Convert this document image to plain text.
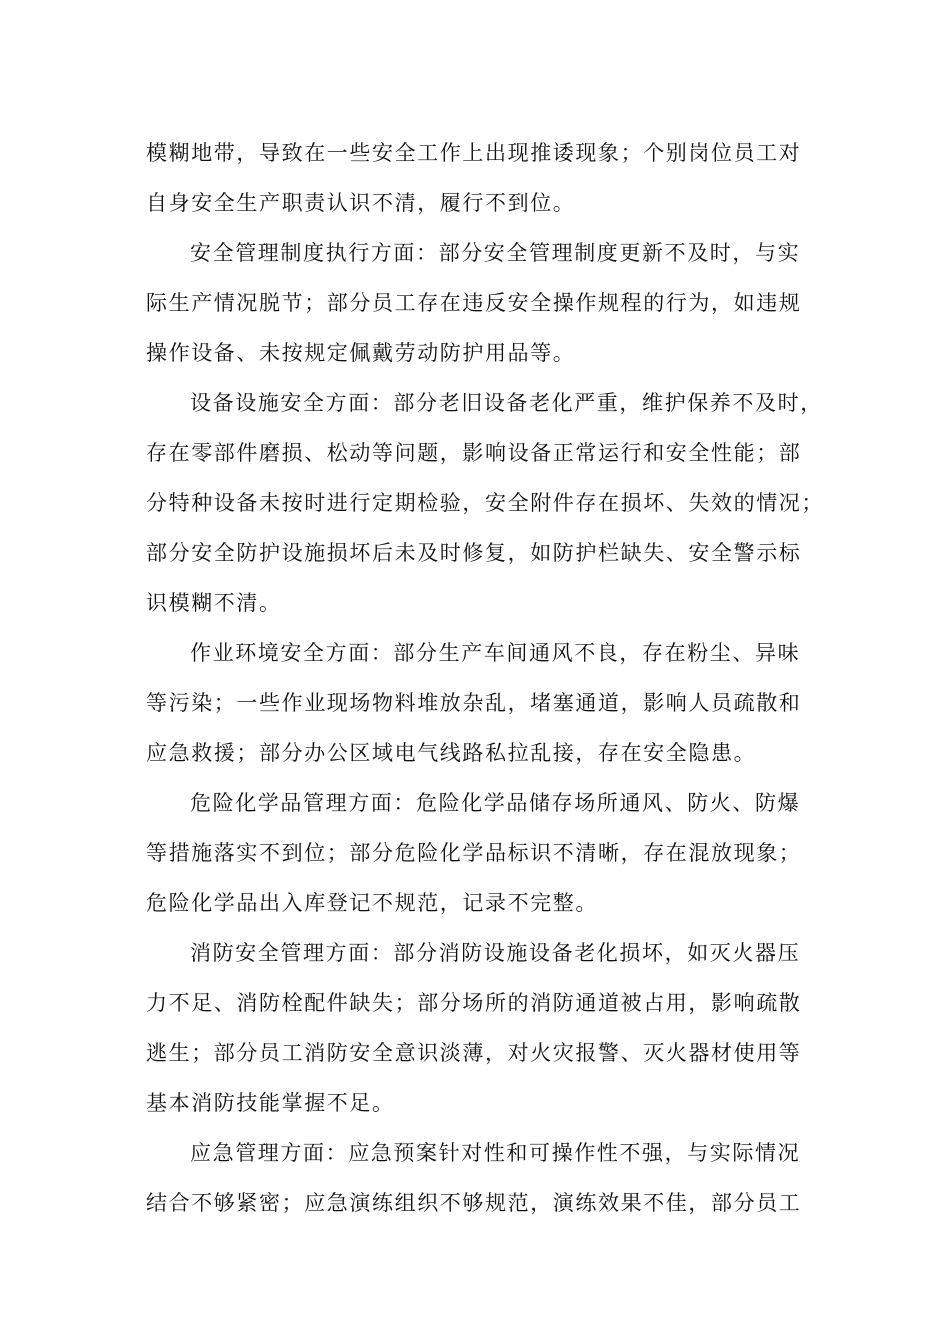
模糊地带，导致在一些安全工作上出现推诿现象；个别岗位员工对
自身安全生产职责认识不清，履行不到位。
安全管理制度执行方面：部分安全管理制度更新不及时，与实
际生产情况脱节；部分员工存在违反安全操作规程的行为，如违规
操作设备、未按规定佩戴劳动防护用品等。
设备设施安全方面：部分老旧设备老化严重，维护保养不及时，
存在零部件磨损、松动等问题，影响设备正常运行和安全性能；部
分特种设备未按时进行定期检验，安全附件存在损坏、失效的情况；
部分安全防护设施损坏后未及时修复，如防护栏缺失、安全警示标
识模糊不清。
作业环境安全方面：部分生产车间通风不良，存在粉尘、异味
等污染；一些作业现场物料堆放杂乱，堵塞通道，影响人员疏散和
应急救援；部分办公区域电气线路私拉乱接，存在安全隐患。
危险化学品管理方面：危险化学品储存场所通风、防火、防爆
等措施落实不到位；部分危险化学品标识不清晰，存在混放现象；
危险化学品出入库登记不规范，记录不完整。
消防安全管理方面：部分消防设施设备老化损坏，如灭火器压
力不足、消防栓配件缺失；部分场所的消防通道被占用，影响疏散
逃生；部分员工消防安全意识淡薄，对火灾报警、灭火器材使用等
基本消防技能掌握不足。
应急管理方面：应急预案针对性和可操作性不强，与实际情况
结合不够紧密；应急演练组织不够规范，演练效果不佳，部分员工
